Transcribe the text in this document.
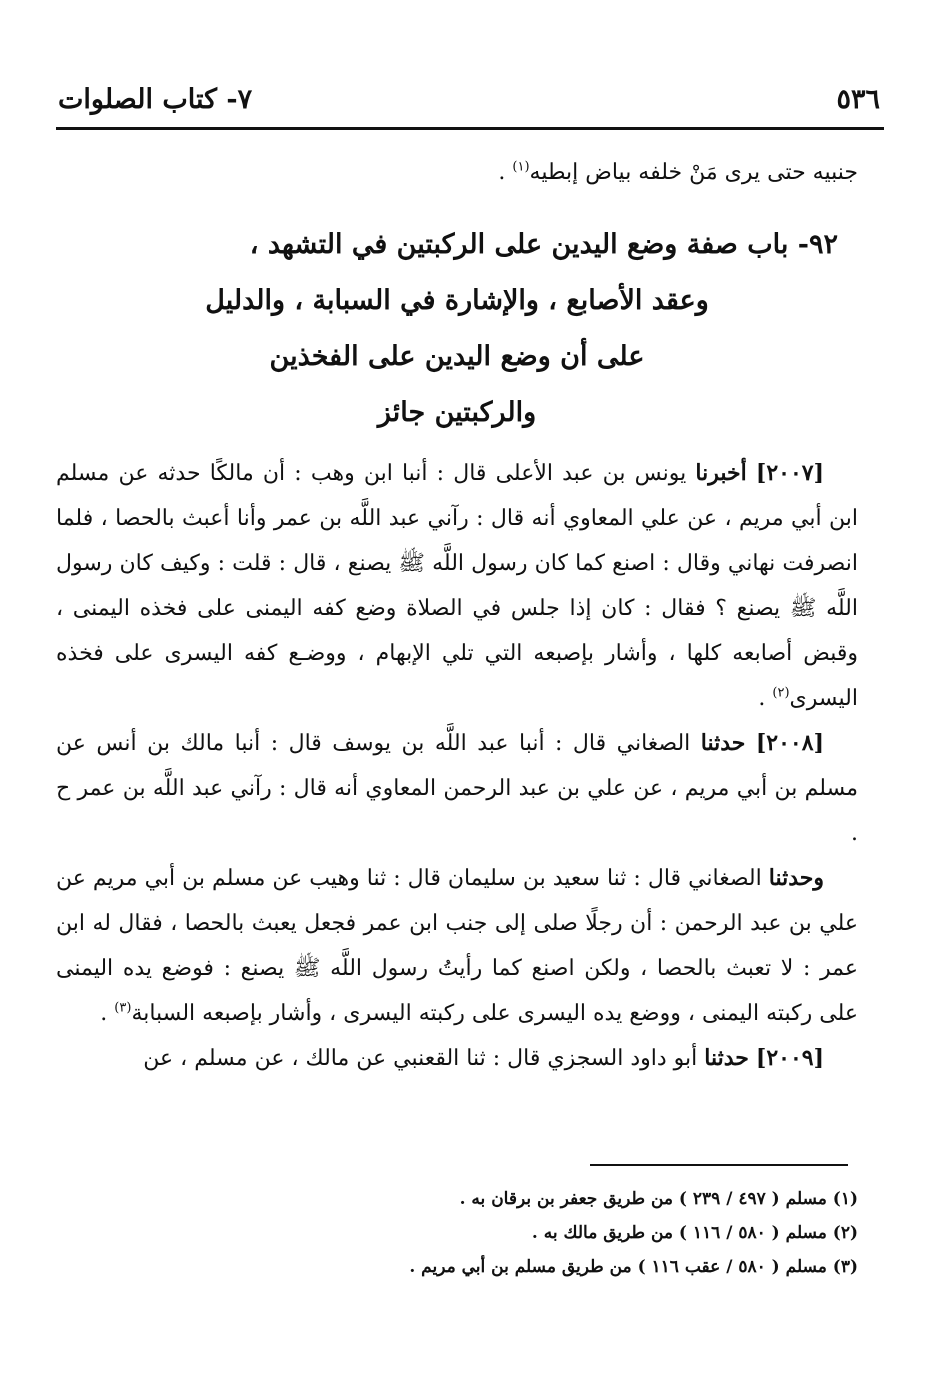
٥٣٦
٧- كتاب الصلوات

جنبيه حتى يرى مَنْ خلفه بياض إبطيه$^{(١)}$ .

٩٢- باب صفة وضع اليدين على الركبتين في التشهد ،
وعقد الأصابع ، والإشارة في السبابة ، والدليل
على أن وضع اليدين على الفخذين
والركبتين جائز

[٢٠٠٧] أخبرنا يونس بن عبد الأعلى قال : أنبا ابن وهب : أن مالكًا حدثه عن مسلم ابن أبي مريم ، عن علي المعاوي أنه قال : رآني عبد اللَّه بن عمر وأنا أعبث بالحصا ، فلما انصرفت نهاني وقال : اصنع كما كان رسول اللَّه ﷺ يصنع ، قال : قلت : وكيف كان رسول اللَّه ﷺ يصنع ؟ فقال : كان إذا جلس في الصلاة وضع كفه اليمنى على فخذه اليمنى ، وقبض أصابعه كلها ، وأشار بإصبعه التي تلي الإبهام ، ووضـع كفه اليسرى على فخذه اليسرى$^{(٢)}$ .

[٢٠٠٨] حدثنا الصغاني قال : أنبا عبد اللَّه بن يوسف قال : أنبا مالك بن أنس عن مسلم بن أبي مريم ، عن علي بن عبد الرحمن المعاوي أنه قال : رآني عبد اللَّه بن عمر ح .

وحدثنا الصغاني قال : ثنا سعيد بن سليمان قال : ثنا وهيب عن مسلم بن أبي مريم عن علي بن عبد الرحمن : أن رجلًا صلى إلى جنب ابن عمر فجعل يعبث بالحصا ، فقال له ابن عمر : لا تعبث بالحصا ، ولكن اصنع كما رأيتُ رسول اللَّه ﷺ يصنع : فوضع يده اليمنى على ركبته اليمنى ، ووضع يده اليسرى على ركبته اليسرى ، وأشار بإصبعه السبابة$^{(٣)}$ .

[٢٠٠٩] حدثنا أبو داود السجزي قال : ثنا القعنبي عن مالك ، عن مسلم ، عن

(١) مسلم ( ٤٩٧ / ٢٣٩ ) من طريق جعفر بن برقان به .
(٢) مسلم ( ٥٨٠ / ١١٦ ) من طريق مالك به .
(٣) مسلم ( ٥٨٠ / عقب ١١٦ ) من طريق مسلم بن أبي مريم .
